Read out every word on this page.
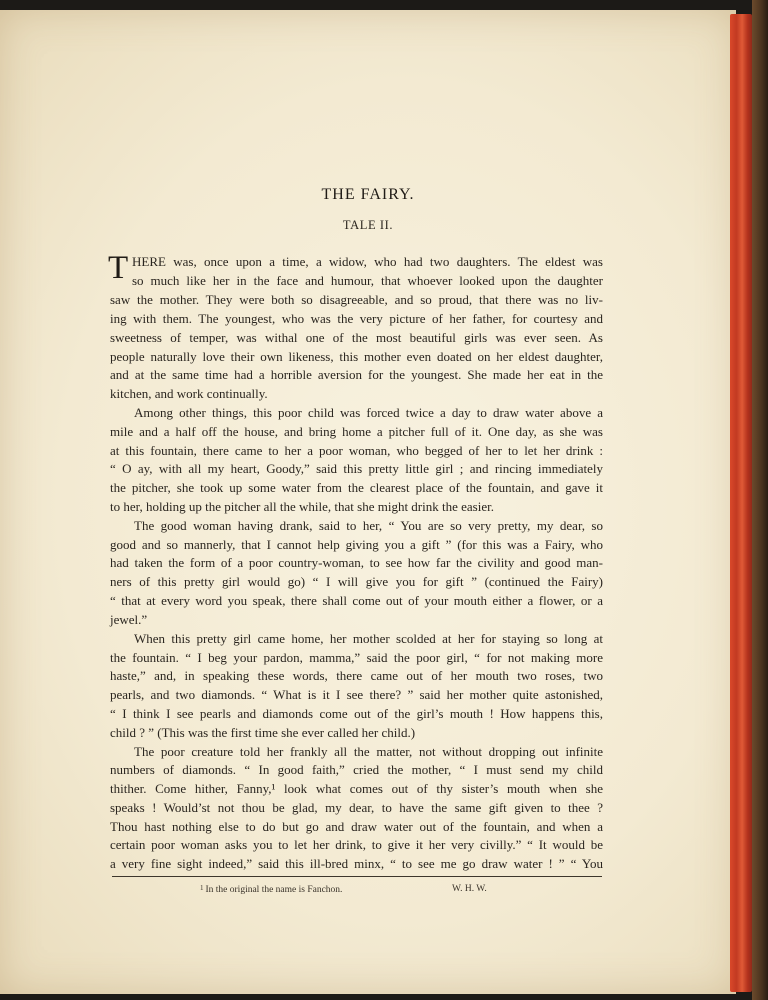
THE FAIRY.
TALE II.
T HERE was, once upon a time, a widow, who had two daughters. The eldest was
so much like her in the face and humour, that whoever looked upon the daughter
saw the mother. They were both so disagreeable, and so proud, that there was no liv-
ing with them. The youngest, who was the very picture of her father, for courtesy and
sweetness of temper, was withal one of the most beautiful girls was ever seen. As
people naturally love their own likeness, this mother even doated on her eldest daughter,
and at the same time had a horrible aversion for the youngest. She made her eat in the
kitchen, and work continually.
Among other things, this poor child was forced twice a day to draw water above a
mile and a half off the house, and bring home a pitcher full of it. One day, as she was
at this fountain, there came to her a poor woman, who begged of her to let her drink :
“ O ay, with all my heart, Goody,” said this pretty little girl ; and rincing immediately
the pitcher, she took up some water from the clearest place of the fountain, and gave it
to her, holding up the pitcher all the while, that she might drink the easier.
The good woman having drank, said to her, “ You are so very pretty, my dear, so
good and so mannerly, that I cannot help giving you a gift ” (for this was a Fairy, who
had taken the form of a poor country-woman, to see how far the civility and good man-
ners of this pretty girl would go) “ I will give you for gift ” (continued the Fairy)
“ that at every word you speak, there shall come out of your mouth either a flower, or a
jewel.”
When this pretty girl came home, her mother scolded at her for staying so long at
the fountain. “ I beg your pardon, mamma,” said the poor girl, “ for not making more
haste,” and, in speaking these words, there came out of her mouth two roses, two
pearls, and two diamonds. “ What is it I see there? ” said her mother quite astonished,
“ I think I see pearls and diamonds come out of the girl’s mouth ! How happens this,
child ? ” (This was the first time she ever called her child.)
The poor creature told her frankly all the matter, not without dropping out infinite
numbers of diamonds. “ In good faith,” cried the mother, “ I must send my child
thither. Come hither, Fanny,¹ look what comes out of thy sister’s mouth when she
speaks ! Would’st not thou be glad, my dear, to have the same gift given to thee ?
Thou hast nothing else to do but go and draw water out of the fountain, and when a
certain poor woman asks you to let her drink, to give it her very civilly.” “ It would be
a very fine sight indeed,” said this ill-bred minx, “ to see me go draw water ! ” “ You
$^1$ In the original the name is Fanchon.	W. H. W.
